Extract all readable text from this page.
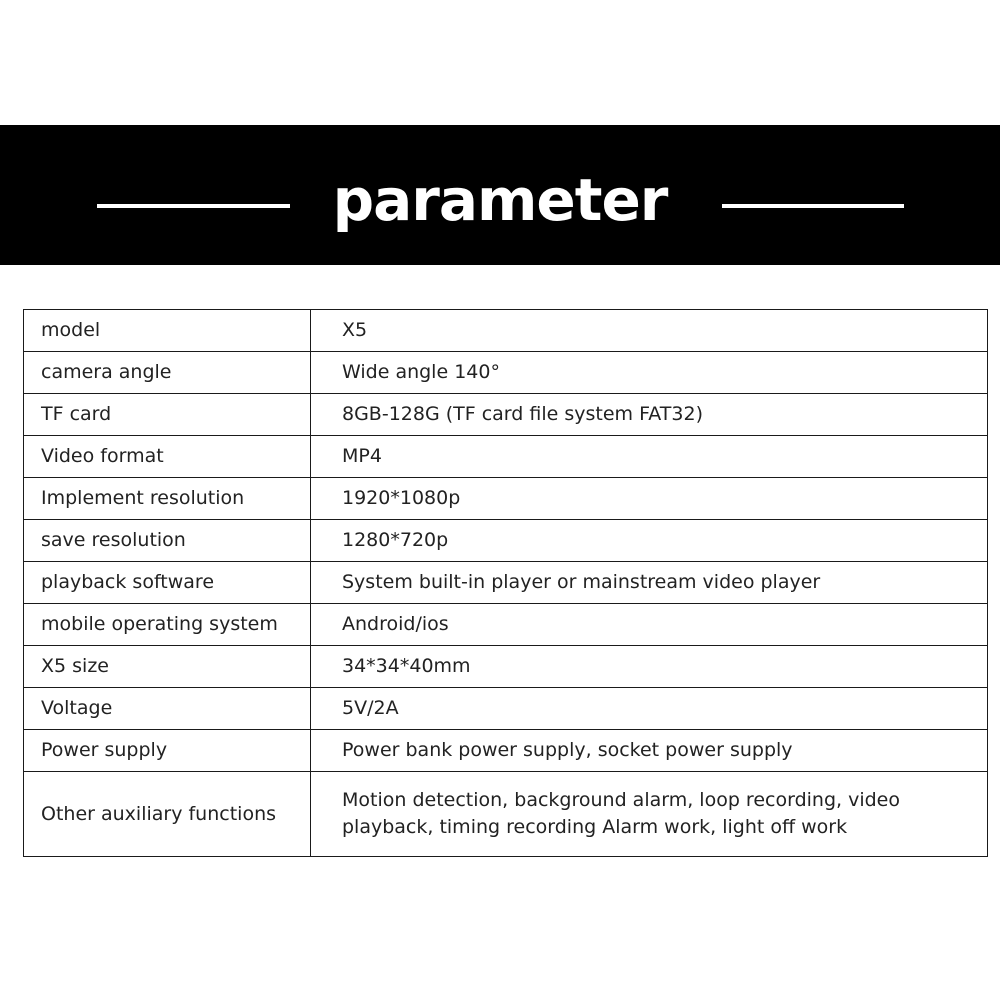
parameter
model	X5
camera angle	Wide angle 140°
TF card	8GB-128G (TF card file system FAT32)
Video format	MP4
Implement resolution	1920*1080p
save resolution	1280*720p
playback software	System built-in player or mainstream video player
mobile operating system	Android/ios
X5 size	34*34*40mm
Voltage	5V/2A
Power supply	Power bank power supply, socket power supply
Other auxiliary functions	Motion detection, background alarm, loop recording, video playback, timing recording Alarm work, light off work
